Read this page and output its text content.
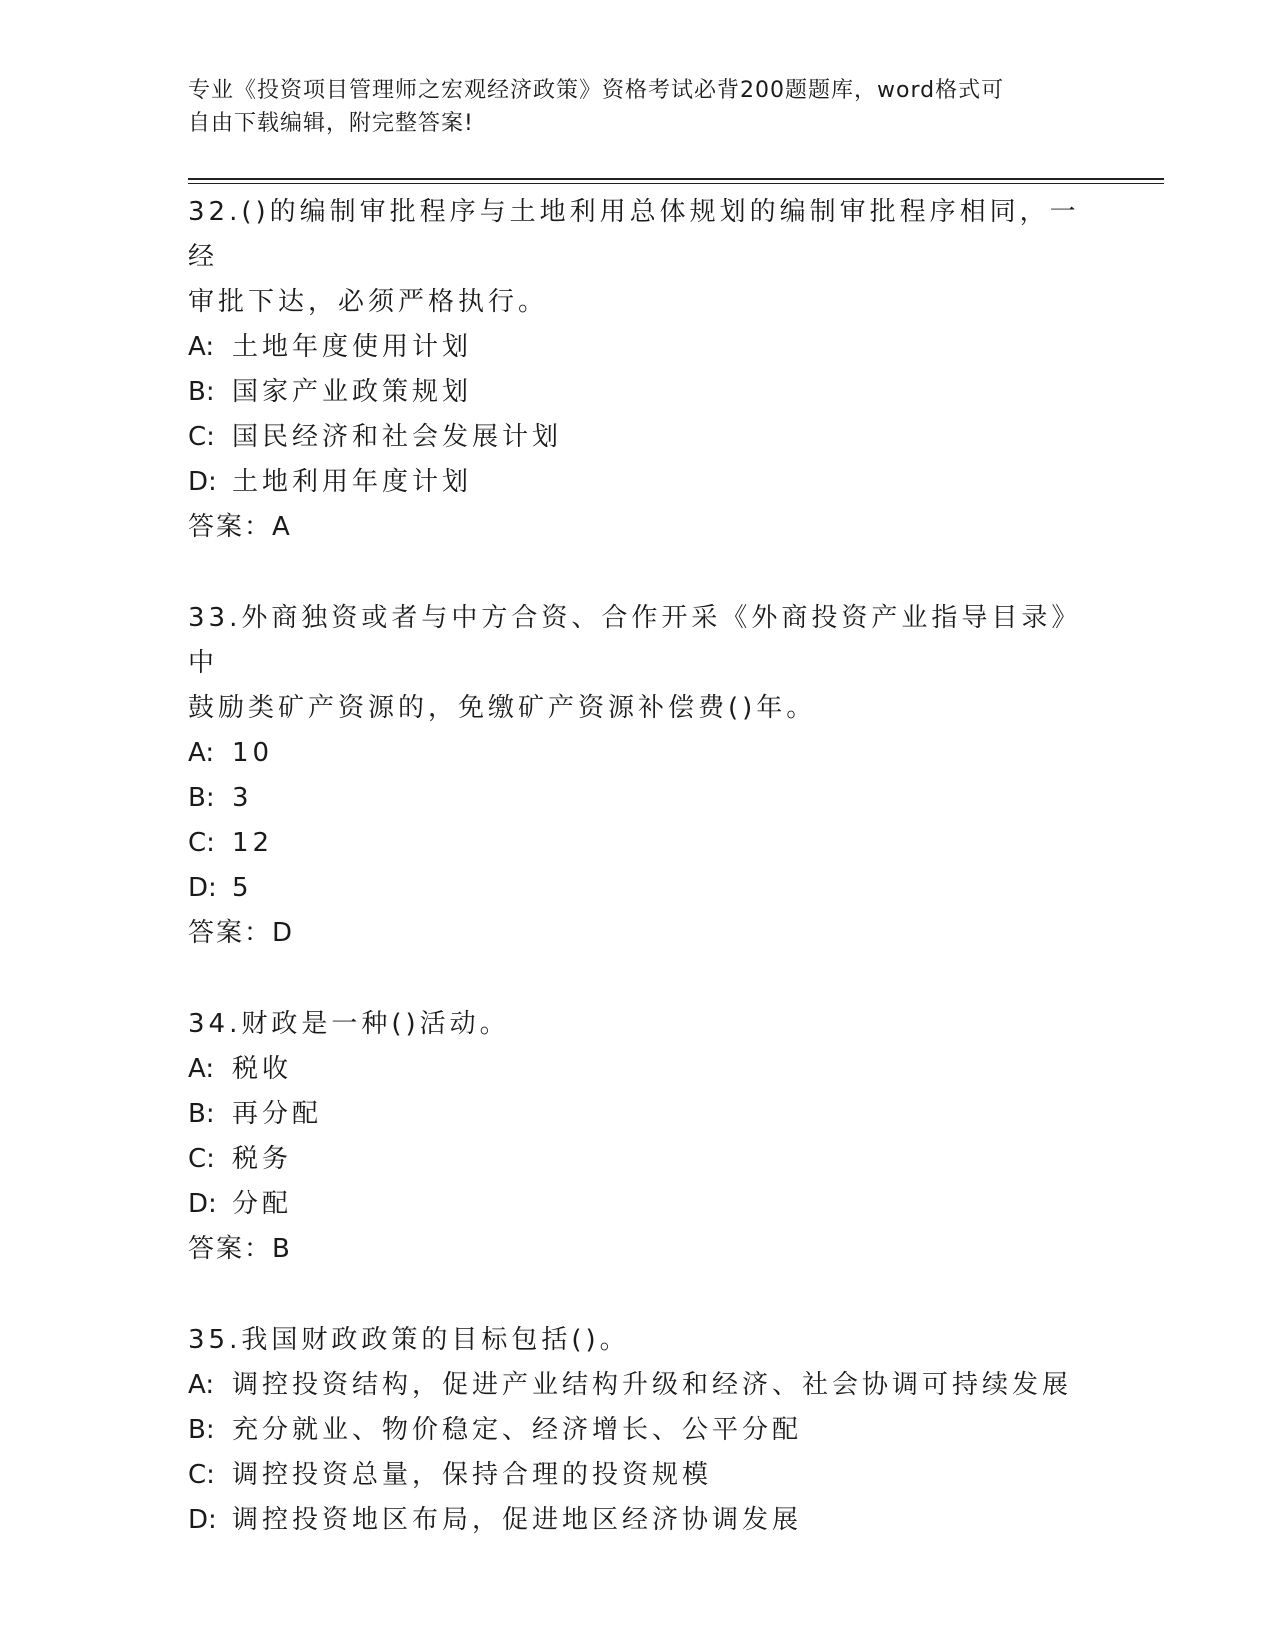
专业《投资项目管理师之宏观经济政策》资格考试必背200题题库，word格式可
自由下载编辑，附完整答案!
32.()的编制审批程序与土地利用总体规划的编制审批程序相同，一经
审批下达，必须严格执行。
A: 土地年度使用计划
B: 国家产业政策规划
C: 国民经济和社会发展计划
D: 土地利用年度计划
答案：A
33.外商独资或者与中方合资、合作开采《外商投资产业指导目录》中
鼓励类矿产资源的，免缴矿产资源补偿费()年。
A: 10
B: 3
C: 12
D: 5
答案：D
34.财政是一种()活动。
A: 税收
B: 再分配
C: 税务
D: 分配
答案：B
35.我国财政政策的目标包括()。
A: 调控投资结构，促进产业结构升级和经济、社会协调可持续发展
B: 充分就业、物价稳定、经济增长、公平分配
C: 调控投资总量，保持合理的投资规模
D: 调控投资地区布局，促进地区经济协调发展
